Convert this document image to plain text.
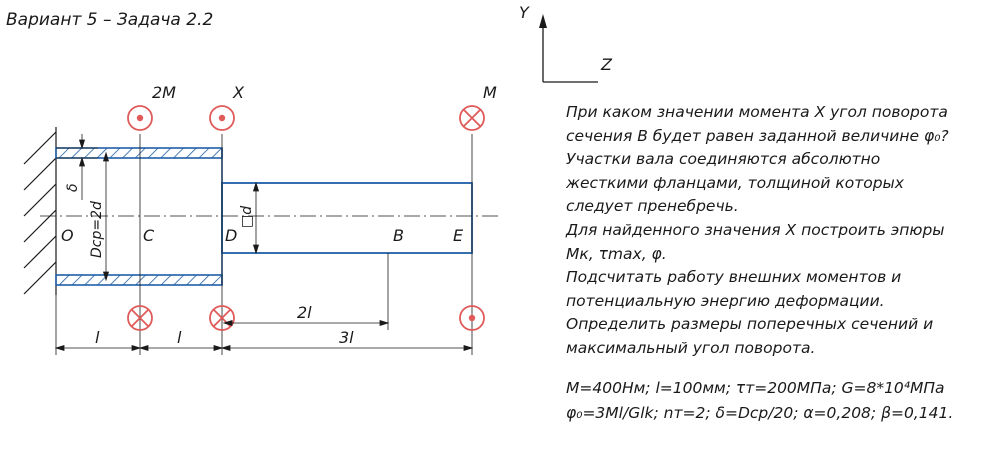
Вариант 5 – Задача 2.2	Y
Z
2M	X	M
O	C	D	B	E
δ
Dср=2d	□d
2l
l	l	3l
При каком значении момента X угол поворота
сечения B будет равен заданной величине φ₀?
Участки вала соединяются абсолютно
жесткими фланцами, толщиной которых
следует пренебречь.
Для найденного значения X построить эпюры
Mк, τmax, φ.
Подсчитать работу внешних моментов и
потенциальную энергию деформации.
Определить размеры поперечных сечений и
максимальный угол поворота.
M=400Нм; l=100мм; τт=200МПа; G=8*10⁴МПа
φ₀=3Ml/Glk; nт=2; δ=Dср/20; α=0,208; β=0,141.
